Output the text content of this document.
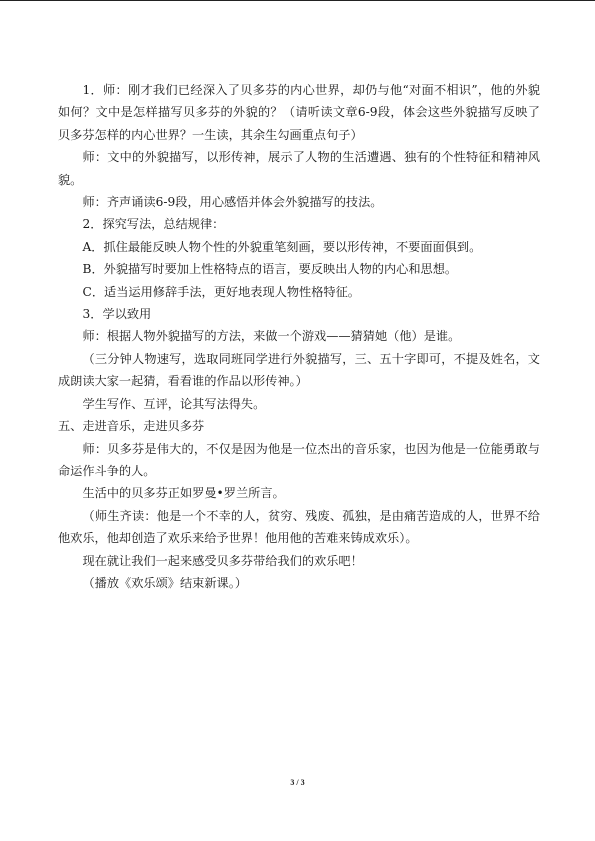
1．师：刚才我们已经深入了贝多芬的内心世界，却仍与他“对面不相识”，他的外貌如何？文中是怎样描写贝多芬的外貌的？（请听读文章6-9段，体会这些外貌描写反映了贝多芬怎样的内心世界？一生读，其余生勾画重点句子）

师：文中的外貌描写，以形传神，展示了人物的生活遭遇、独有的个性特征和精神风貌。

师：齐声诵读6-9段，用心感悟并体会外貌描写的技法。

2．探究写法，总结规律：

A．抓住最能反映人物个性的外貌重笔刻画，要以形传神，不要面面俱到。

B．外貌描写时要加上性格特点的语言，要反映出人物的内心和思想。

C．适当运用修辞手法，更好地表现人物性格特征。

3．学以致用

师：根据人物外貌描写的方法，来做一个游戏——猜猜她（他）是谁。

（三分钟人物速写，选取同班同学进行外貌描写，三、五十字即可，不提及姓名，文成朗读大家一起猜，看看谁的作品以形传神。）

学生写作、互评，论其写法得失。

五、走进音乐，走进贝多芬

师：贝多芬是伟大的，不仅是因为他是一位杰出的音乐家，也因为他是一位能勇敢与命运作斗争的人。

生活中的贝多芬正如罗曼•罗兰所言。

（师生齐读：他是一个不幸的人，贫穷、残废、孤独，是由痛苦造成的人，世界不给他欢乐，他却创造了欢乐来给予世界！他用他的苦难来铸成欢乐）。

现在就让我们一起来感受贝多芬带给我们的欢乐吧！

（播放《欢乐颂》结束新课。）

3 / 3
